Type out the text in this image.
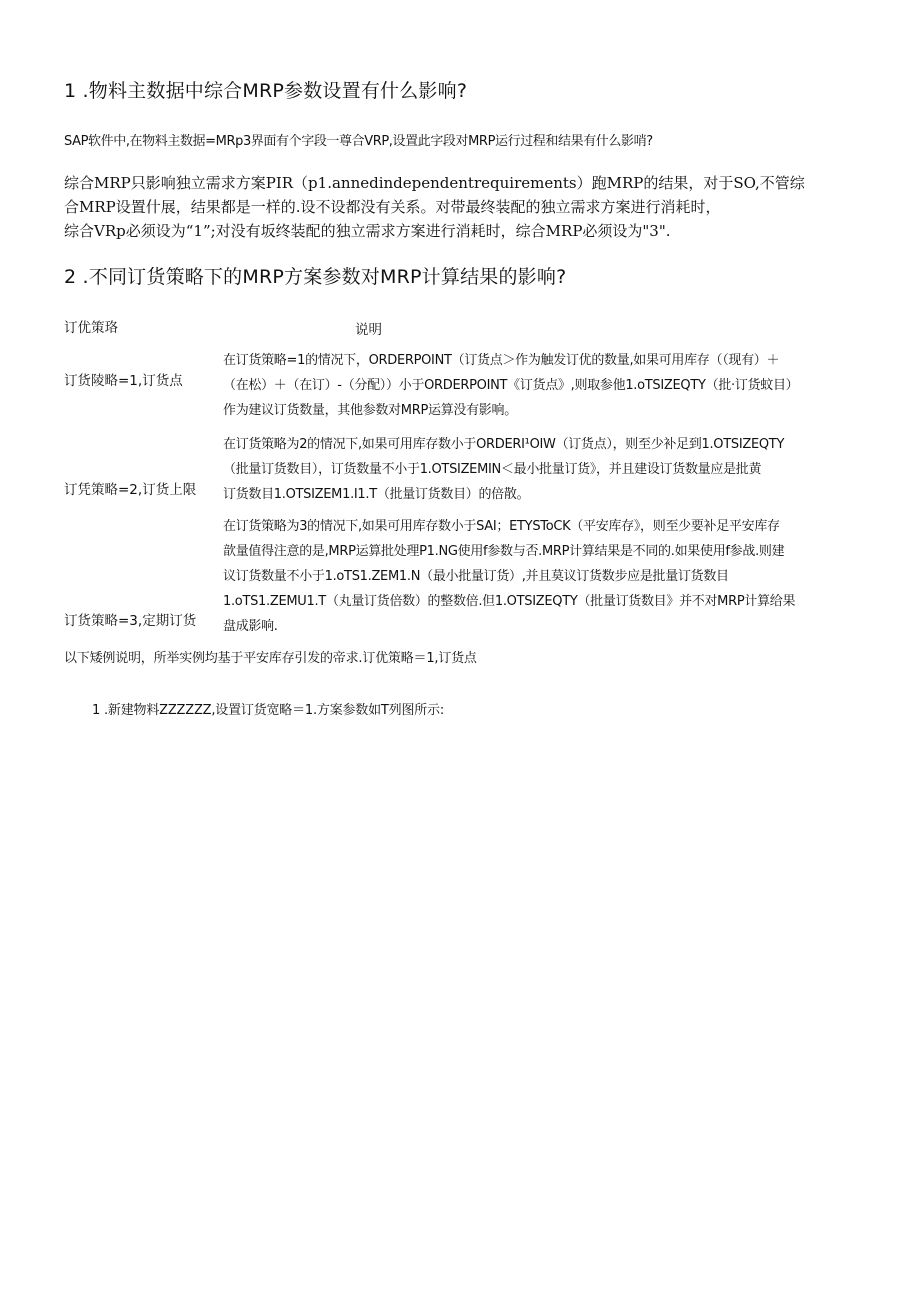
1 .物料主数据中综合MRP参数设置有什么影响?
SAP软件中,在物料主数据=MRp3界面有个字段一尊合VRP,设置此字段对MRP运行过程和结果有什么影哨?
综合MRP只影响独立需求方案PIR（p1.annedindependentrequirements）跑MRP的结果，对于SO,不管综
合MRP设置什展，结果都是一样的.设不设都没有关系。对带最终装配的独立需求方案进行消耗时，
综合VRp必须设为“1”;对没有坂终装配的独立需求方案进行消耗时，综合MRP必须设为"3".
2 .不同订货策略下的MRP方案参数对MRP计算结果的影响?
订优策珞	说明
订货陵略=1,订货点
在订货策略=1的情况下，ORDERPOINT（订货点＞作为触发订优的数量,如果可用库存（（现有）＋
（在松）＋（在订）-（分配））小于ORDERPOINT《订货点》,则取参他1.oTSIZEQTY（批·订货蚊目）
作为建议订货数量，其他参数对MRP运算没有影响。
订凭策略=2,订货上限
在订货策略为2的情况下,如果可用库存数小于ORDERI¹OIW（订货点），则至少补足到1.OTSIZEQTY
（批量订货数目），订货数量不小于1.OTSIZEMIN＜最小批量订货》，并且建设订货数量应是批黄
订货数目1.OTSIZEM1.I1.T（批量订货数目）的倍散。
订货策略=3,定期订货
在订货策略为3的情况下,如果可用库存数小于SAI；ETYSToCK（平安库存》，则至少要补足平安库存
歆量值得注意的是,MRP运算批处理P1.NG使用f参数与否.MRP计算结果是不同的.如果使用f参战.则建
议订货数量不小于1.oTS1.ZEM1.N（最小批量订货）,并且莫议订货数步应是批量订货数目
1.oTS1.ZEMU1.T（丸量订货倍数）的整数倍.但1.OTSIZEQTY（批量订货数目》并不对MRP计算给果
盘成影响.
以下矮例说明，所举实例均基于平安库存引发的帝求.订优策略＝1,订货点
1 .新建物料ZZZZZZ,设置订货宽略＝1.方案参数如T列图所示:
